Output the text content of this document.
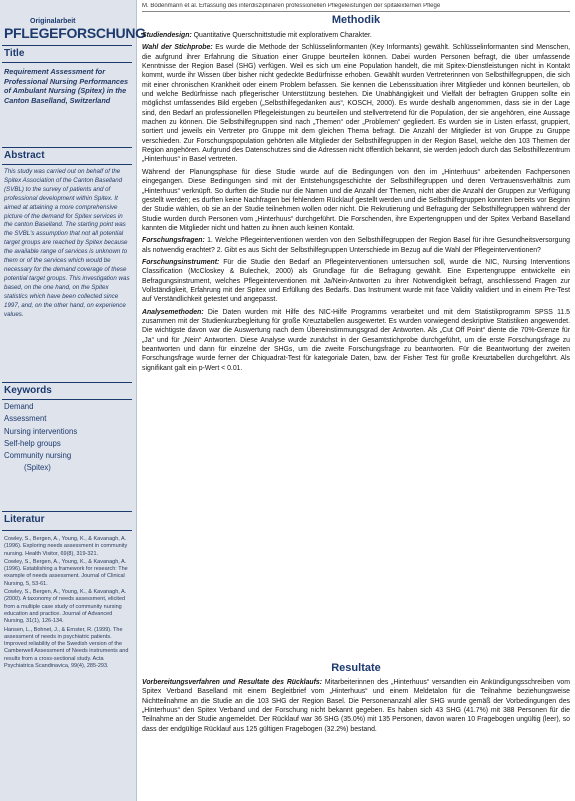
Originalarbeit
PFLEGEFORSCHUNG
Title
Requirement Assessment for Professional Nursing Performances of Ambulant Nursing (Spitex) in the Canton Baselland, Switzerland
Abstract
This study was carried out on behalf of the Spitex Association of the Canton Baselland (SVBL) to the survey of patients and of professional development within Spitex. It aimed at attaining a more comprehensive picture of the demand for Spitex services in the canton Baselland. The starting point was the SVBL's assumption that not all potential target groups are reached by Spitex because the available range of services is unknown to them or of the services which would be necessary for the demand coverage of these potential target groups. This investigation was based, on the one hand, on the Spitex statistics which have been collected since 1997, and, on the other hand, on experience values.
Keywords
Demand
Assessment
Nursing interventions
Self-help groups
Community nursing
(Spitex)
Literatur

Cowley, S., Bergen, A., Young, K., & Kavanagh, A. (1996). Exploring needs assessment in community nursing. Health Visitor, 69(8), 319-321.

Cowley, S., Bergen, A., Young, K., & Kavanagh, A. (1996). Establishing a framework for research: The example of needs assessment. Journal of Clinical Nursing, 5, 53-61.

Cowley, S., Bergen, A., Young, K., & Kavanagh, A. (2000). A taxonomy of needs assessment, elicited from a multiple case study of community nursing education and practice. Journal of Advanced Nursing, 31(1), 126-134.

Hansen, L., Bohnet, J., & Ernster, R. (1999). The assessment of needs in psychiatric patients. Improved reliability of the Swedish version of the Camberwell Assessment of Needs instruments and results from a cross-sectional study. Acta Psychiatrica Scandinavica, 99(4), 285-293.

M. Bodenmann et al. Erfassung des interdisziplinären professionellen Pflegeleistungen der spitalexternen Pflege
Methodik

Studiendesign: Quantitative Querschnittstudie mit explorativem Charakter.

Wahl der Stichprobe: Es wurde die Methode der Schlüsselinformanten (Key Informants) gewählt. Schlüsselinformanten sind Menschen, die aufgrund ihrer Erfahrung die Situation einer Gruppe beurteilen können. Dabei wurden Personen befragt, die über umfassende Kenntnisse der Region Basel (SHG) verfügen. Weil es sich um eine Population handelt, die mit Spitex-Dienstleistungen nicht in Kontakt kommt, wurde ihr Wissen über bisher nicht gedeckte Bedürfnisse erhoben. Gewählt wurden Vertreterinnen von Selbsthilfegruppen, die sich mit einer chronischen Krankheit oder einem Problem befassen. Sie kennen die Lebenssituation ihrer Mitglieder und können beurteilen, ob und welche Bedürfnisse nach pflegerischer Unterstützung bestehen. Die Unabhängigkeit und Vielfalt der befragten Gruppen sollte ein möglichst umfassendes Bild ergeben („Selbsthilfegedanken aus“, KOSCH, 2000). Es wurde deshalb angenommen, dass sie in der Lage sind, den Bedarf an professionellen Pflegeleistungen zu beurteilen und stellvertretend für die Population, der sie angehören, eine Aussage machen zu können. Die Selbsthilfegruppen sind nach „Themen“ oder „Problemen“ gegliedert. Es wurden sie in Listen erfasst, gruppiert, sortiert und jeweils ein Vertreter pro Gruppe mit dem gleichen Thema befragt. Die Anzahl der Mitglieder ist von Gruppe zu Gruppe verschieden. Zur Forschungspopulation gehörten alle Mitglieder der Selbsthilfegruppen in der Region Basel, welche den 103 Themen der Region angehören. Aufgrund des Datenschutzes sind die Adressen nicht öffentlich bekannt, sie werden jedoch durch das Selbsthilfezentrum „Hinterhuus“ in Basel vertreten.

Während der Planungsphase für diese Studie wurde auf die Bedingungen von den im „Hinterhuus“ arbeitenden Fachpersonen eingegangen. Diese Bedingungen sind mit der Entstehungsgeschichte der Selbsthilfegruppen und deren Vertrauensverhältnis zum „Hinterhuus“ verknüpft. So durften die Studie nur die Namen und die Anzahl der Themen, nicht aber die Anzahl der Gruppen zur Verfügung gestellt werden; es durften keine Nachfragen bei fehlendem Rücklauf gestellt werden und die Selbsthilfegruppen konnten bereits vor Beginn der Studie wählen, ob sie an der Studie teilnehmen wollen oder nicht. Die Rekrutierung und Befragung der Selbsthilfegruppen während der Studie wurden durch Personen vom „Hinterhuus“ durchgeführt. Die Forschenden, ihre Expertengruppen und der Spitex Verband Baselland kannten die Mitglieder nicht und hatten zu ihnen auch keinen Kontakt.

Forschungsfragen: 1. Welche Pflegeinterventionen werden von den Selbsthilfegruppen der Region Basel für ihre Gesundheitsversorgung als notwendig erachtet? 2. Gibt es aus Sicht der Selbsthilfegruppen Unterschiede im Bezug auf die Wahl der Pflegeinterventionen?

Forschungsinstrument: Für die Studie den Bedarf an Pflegeinterventionen untersuchen soll, wurde die NIC, Nursing Interventions Classification (McCloskey & Bulechek, 2000) als Grundlage für die Befragung gewählt. Eine Expertengruppe entwickelte ein Befragungsinstrument, welches Pflegeinterventionen mit Ja/Nein-Antworten zu ihrer Notwendigkeit befragt, anschliessend Fragen zur Vollständigkeit, Erfahrung mit der Spitex und Erfüllung des Bedarfs. Das Instrument wurde mit face Validity validiert und in einem Pre-Test auf Verständlichkeit getestet und angepasst.

Analysemethoden: Die Daten wurden mit Hilfe des NIC-Hilfe Programms verarbeitet und mit dem Statistikprogramm SPSS 11.5 zusammen mit der Studienkurzbegleitung für große Kreuztabellen ausgewertet. Es wurden vorwiegend deskriptive Statistiken angewendet. Die wichtigste davon war die Auswertung nach dem Übereinstimmungsgrad der Antworten. Als „Cut Off Point“ diente die 70%-Grenze für „Ja“ und für „Nein“ Antworten. Diese Analyse wurde zunächst in der Gesamtstichprobe durchgeführt, um die erste Forschungsfrage zu beantworten und dann für einzelne der SHGs, um die zweite Forschungsfrage zu beantworten. Für die Beantwortung der zweiten Forschungsfrage wurde ferner der Chiquadrat-Test für kategoriale Daten, bzw. der Fisher Test für große Kreuztabellen durchgeführt. Als signifikant galt ein p-Wert < 0.01.

Resultate

Vorbereitungsverfahren und Resultate des Rücklaufs: Mitarbeiterinnen des „Hinterhuus“ versandten ein Ankündigungsschreiben vom Spitex Verband Baselland mit einem Begleitbrief vom „Hinterhuus“ und einem Meldetalon für die Teilnahme beziehungsweise Nichtteilnahme an die Studie an die 103 SHG der Region Basel. Die Personenanzahl aller SHG wurde gemäß der Vorbedingungen des „Hinterhuus“ den Spitex Verband und der Forschung nicht bekannt gegeben. Es haben sich 43 SHG (41.7%) mit 388 Personen für die Teilnahme an der Studie angemeldet. Der Rücklauf war 36 SHG (35.0%) mit 135 Personen, davon waren 10 Fragebogen ungültig (leer), so dass der endgültige Rücklauf aus 125 gültigen Fragebogen (32.2%) bestand.
